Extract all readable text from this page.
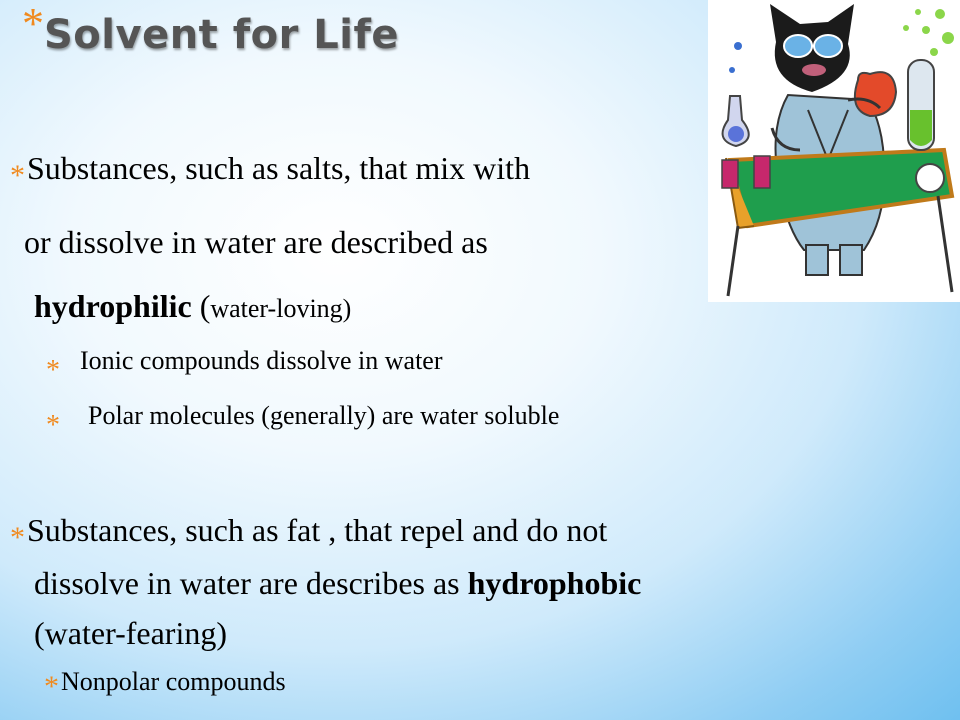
* Solvent for Life
*Substances, such as salts, that mix with
or dissolve in water are described as
hydrophilic (water-loving)
* Ionic compounds dissolve in water
* Polar molecules (generally) are water soluble
*Substances, such as fat , that repel and do not
dissolve in water are describes as hydrophobic
(water-fearing)
*Nonpolar compounds
